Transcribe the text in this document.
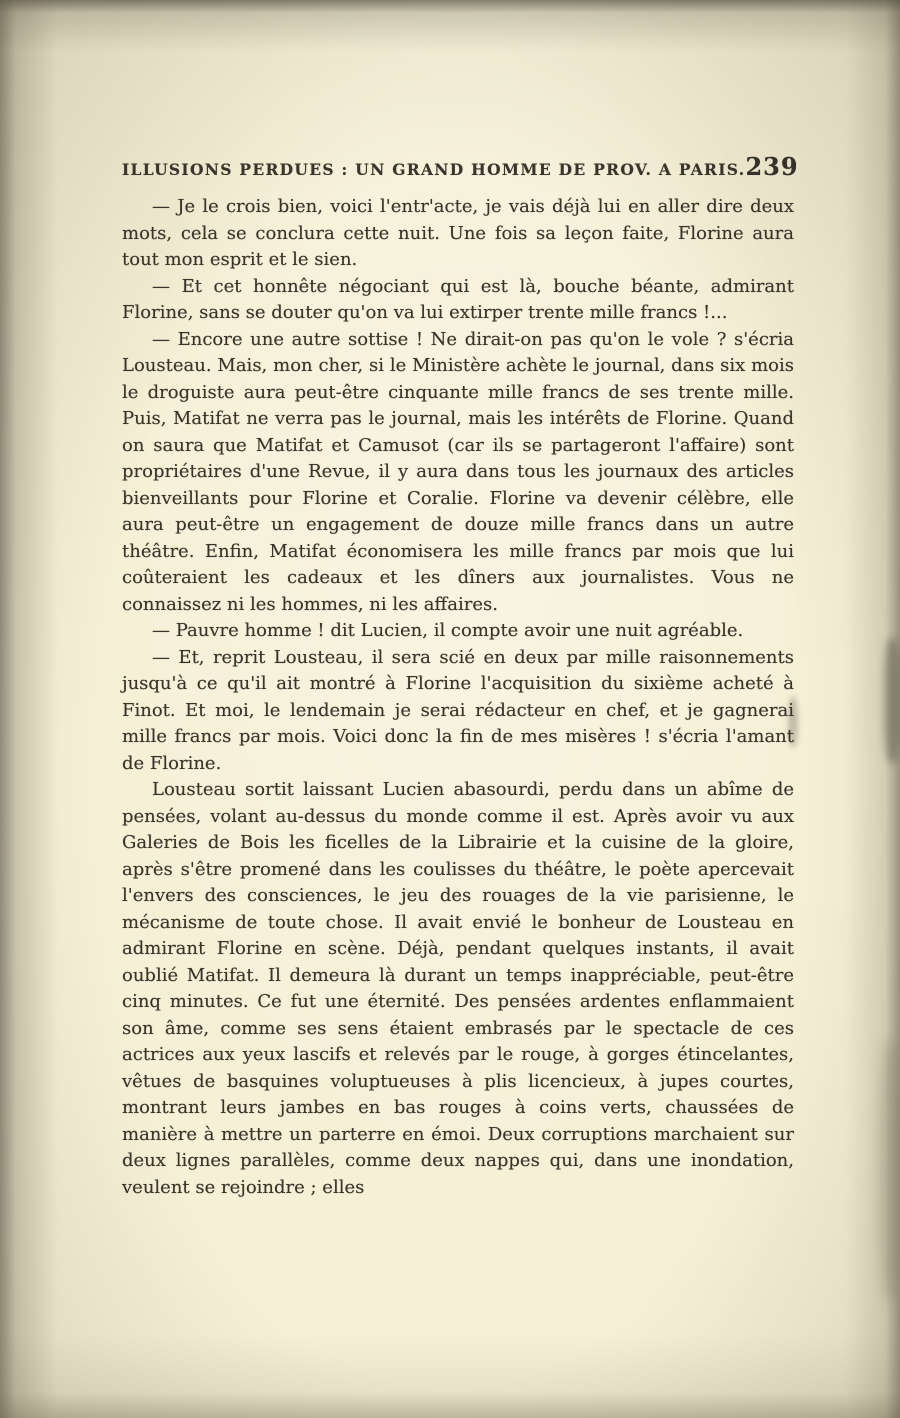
ILLUSIONS PERDUES : UN GRAND HOMME DE PROV. A PARIS. 239

— Je le crois bien, voici l'entr'acte, je vais déjà lui en aller dire deux mots, cela se conclura cette nuit. Une fois sa leçon faite, Florine aura tout mon esprit et le sien.

— Et cet honnête négociant qui est là, bouche béante, admirant Florine, sans se douter qu'on va lui extirper trente mille francs !...

— Encore une autre sottise ! Ne dirait-on pas qu'on le vole ? s'écria Lousteau. Mais, mon cher, si le Ministère achète le journal, dans six mois le droguiste aura peut-être cinquante mille francs de ses trente mille. Puis, Matifat ne verra pas le journal, mais les intérêts de Florine. Quand on saura que Matifat et Camusot (car ils se partageront l'affaire) sont propriétaires d'une Revue, il y aura dans tous les journaux des articles bienveillants pour Florine et Coralie. Florine va devenir célèbre, elle aura peut-être un engagement de douze mille francs dans un autre théâtre. Enfin, Matifat économisera les mille francs par mois que lui coûteraient les cadeaux et les dîners aux journalistes. Vous ne connaissez ni les hommes, ni les affaires.

— Pauvre homme ! dit Lucien, il compte avoir une nuit agréable.

— Et, reprit Lousteau, il sera scié en deux par mille raisonnements jusqu'à ce qu'il ait montré à Florine l'acquisition du sixième acheté à Finot. Et moi, le lendemain je serai rédacteur en chef, et je gagnerai mille francs par mois. Voici donc la fin de mes misères ! s'écria l'amant de Florine.

Lousteau sortit laissant Lucien abasourdi, perdu dans un abîme de pensées, volant au-dessus du monde comme il est. Après avoir vu aux Galeries de Bois les ficelles de la Librairie et la cuisine de la gloire, après s'être promené dans les coulisses du théâtre, le poète apercevait l'envers des consciences, le jeu des rouages de la vie parisienne, le mécanisme de toute chose. Il avait envié le bonheur de Lousteau en admirant Florine en scène. Déjà, pendant quelques instants, il avait oublié Matifat. Il demeura là durant un temps inappréciable, peut-être cinq minutes. Ce fut une éternité. Des pensées ardentes enflammaient son âme, comme ses sens étaient embrasés par le spectacle de ces actrices aux yeux lascifs et relevés par le rouge, à gorges étincelantes, vêtues de basquines voluptueuses à plis licencieux, à jupes courtes, montrant leurs jambes en bas rouges à coins verts, chaussées de manière à mettre un parterre en émoi. Deux corruptions marchaient sur deux lignes parallèles, comme deux nappes qui, dans une inondation, veulent se rejoindre ; elles
